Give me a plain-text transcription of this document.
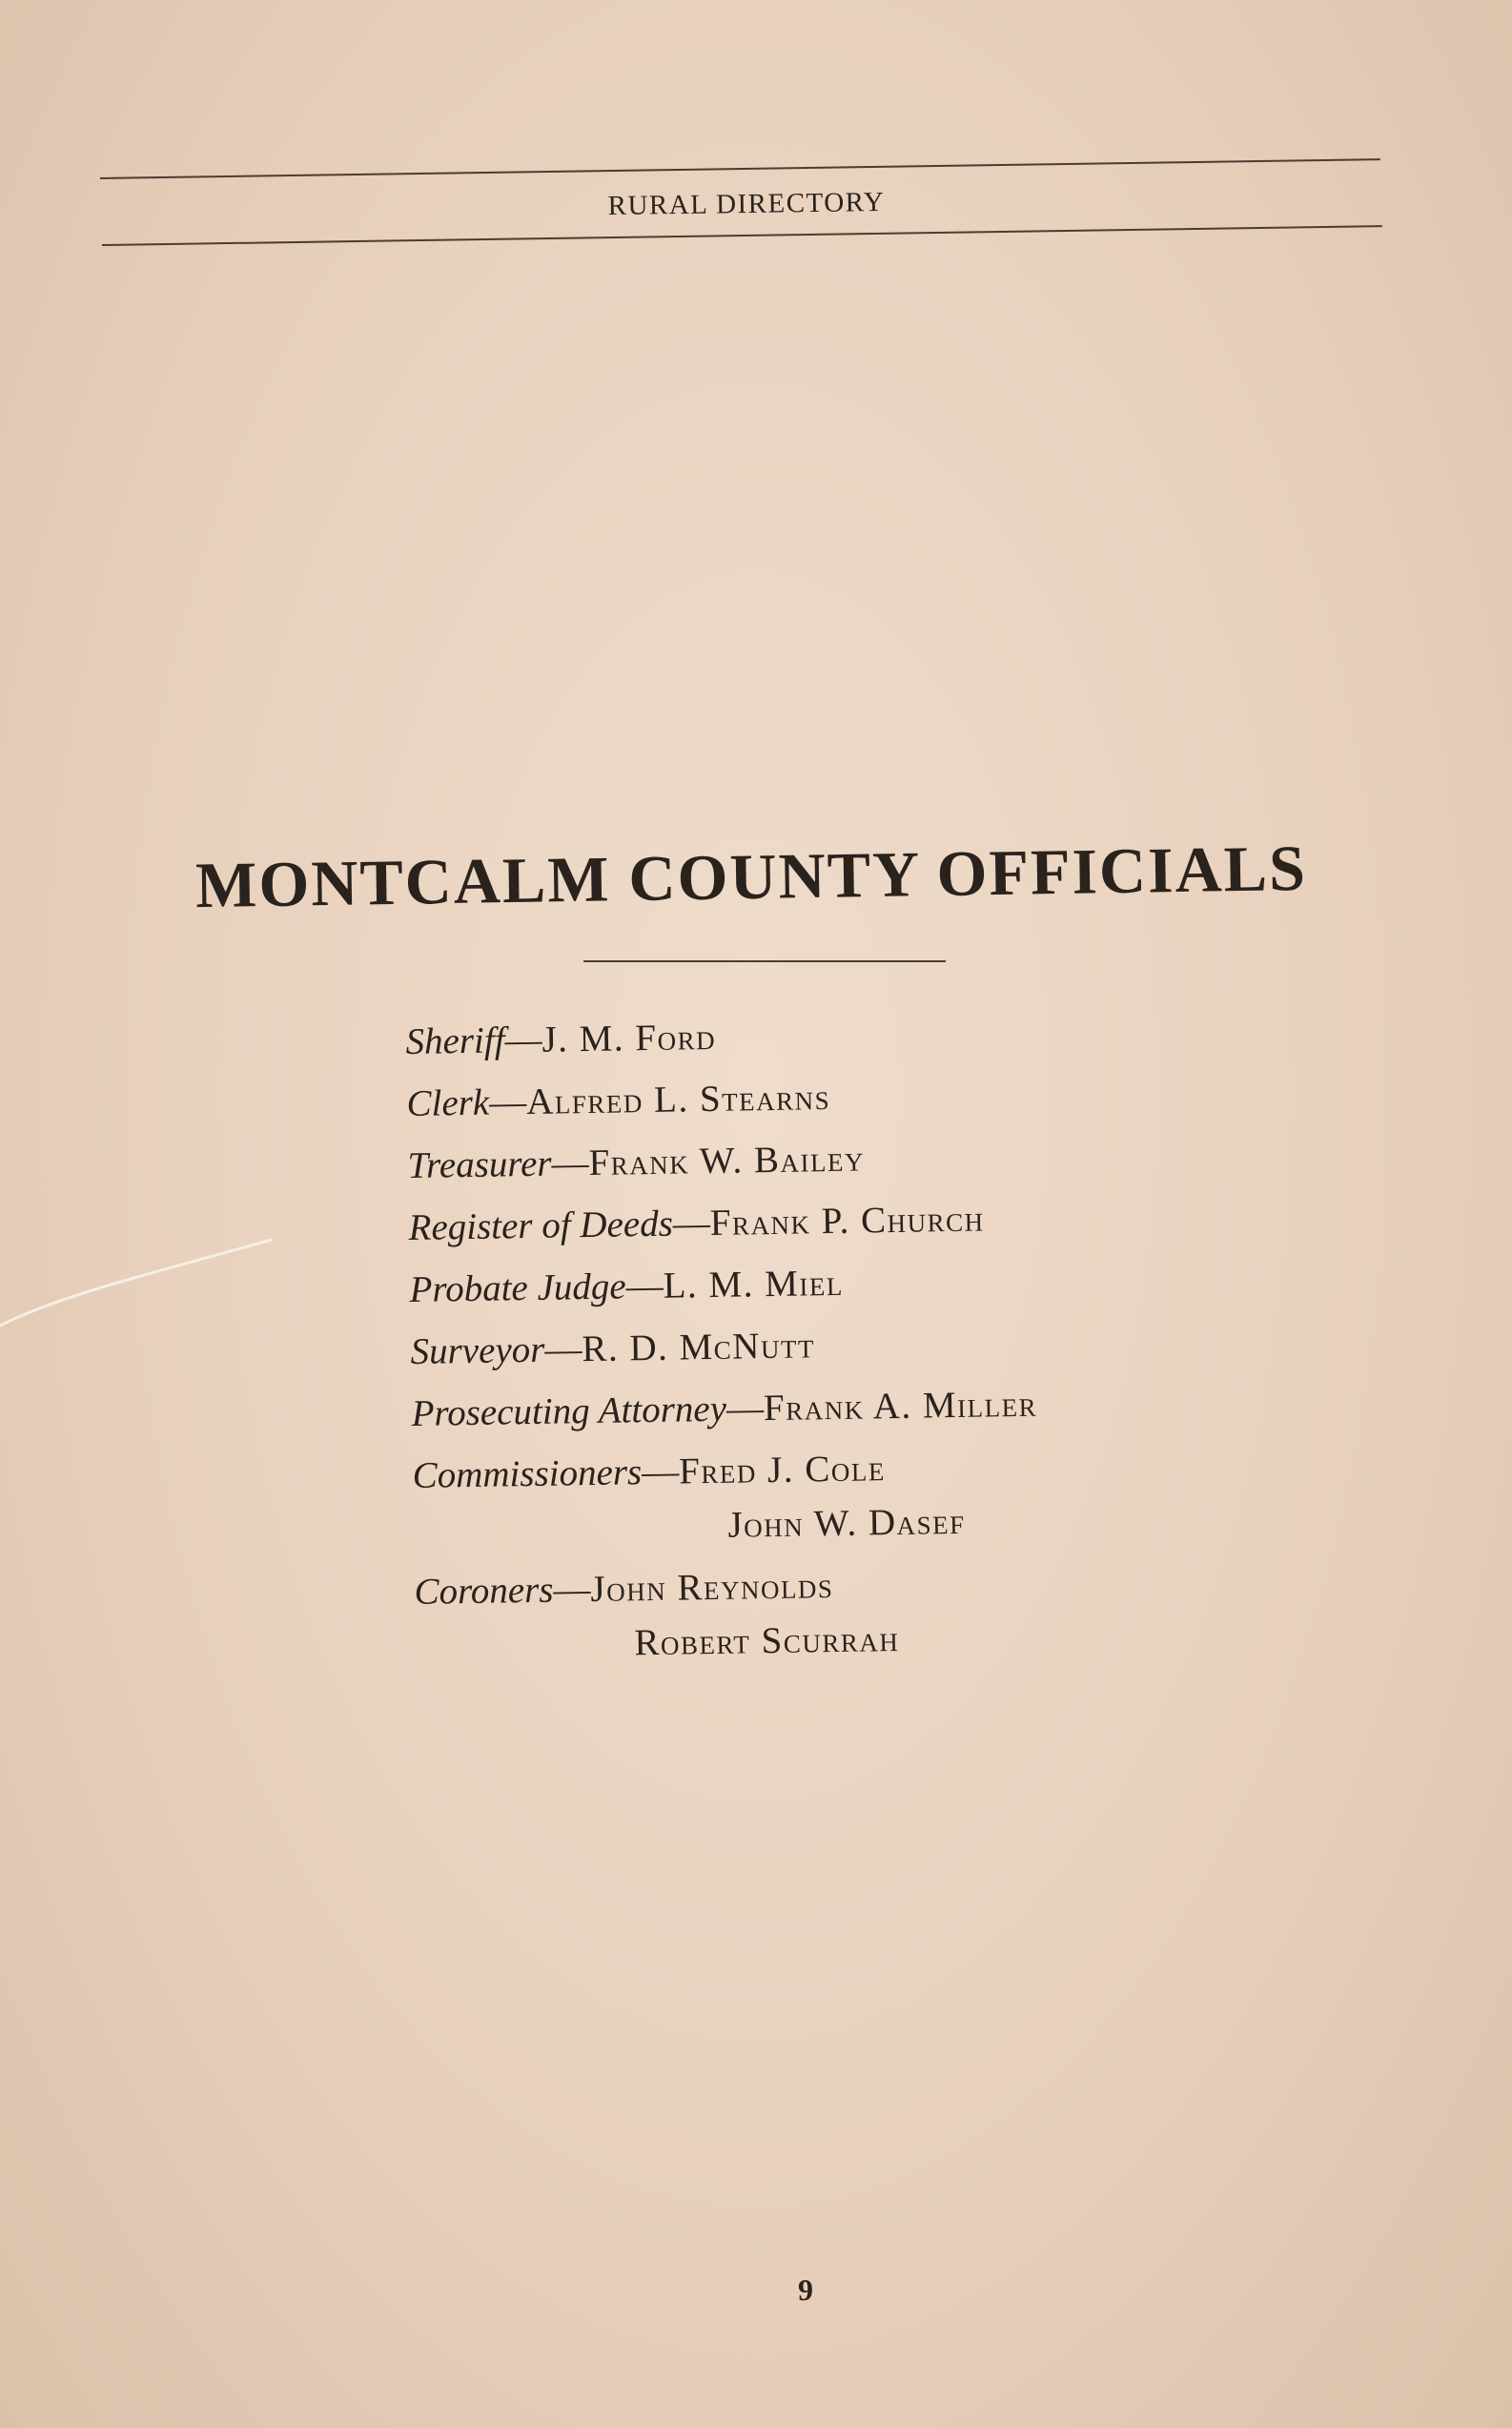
RURAL DIRECTORY
MONTCALM COUNTY OFFICIALS
Sheriff—J. M. Ford
Clerk—Alfred L. Stearns
Treasurer—Frank W. Bailey
Register of Deeds—Frank P. Church
Probate Judge—L. M. Miel
Surveyor—R. D. McNutt
Prosecuting Attorney—Frank A. Miller
Commissioners—Fred J. Cole
John W. Dasef
Coroners—John Reynolds
Robert Scurrah
9
